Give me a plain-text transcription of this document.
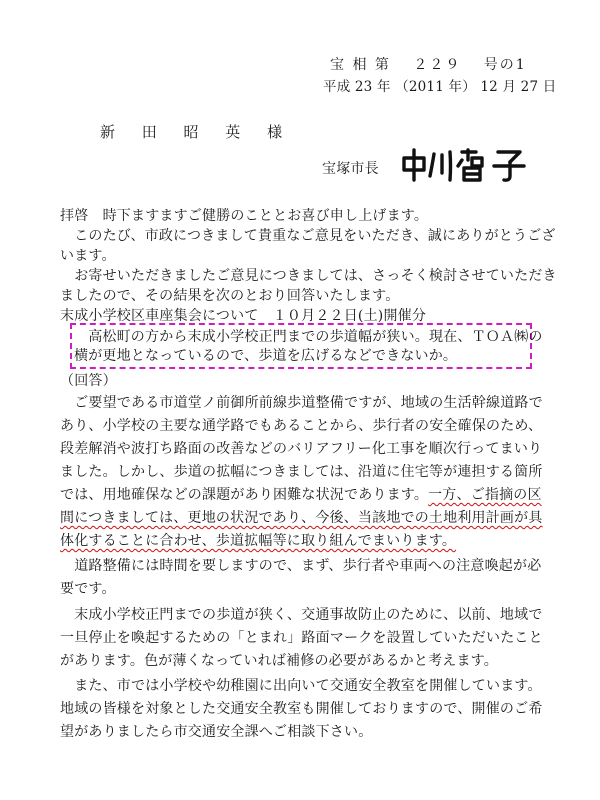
宝 相 第 　２２９　 号の1
平成 23 年 （2011 年） 12 月 27 日
新 田 昭 英 様
宝塚市長
拝啓　時下ますますご健勝のこととお喜び申し上げます。
　このたび、市政につきまして貴重なご意見をいただき、誠にありがとうござ
います。
　お寄せいただきましたご意見につきましては、さっそく検討させていただき
ましたので、その結果を次のとおり回答いたします。
末成小学校区車座集会について　１０月２２日(土)開催分
　高松町の方から末成小学校正門までの歩道幅が狭い。現在、ＴＯＡ㈱の
横が更地となっているので、歩道を広げるなどできないか。
（回答）
　ご要望である市道堂ノ前御所前線歩道整備ですが、地域の生活幹線道路で
あり、小学校の主要な通学路でもあることから、歩行者の安全確保のため、
段差解消や波打ち路面の改善などのバリアフリー化工事を順次行ってまいり
ました。しかし、歩道の拡幅につきましては、沿道に住宅等が連担する箇所
では、用地確保などの課題があり困難な状況であります。一方、ご指摘の区
間につきましては、更地の状況であり、今後、当該地での土地利用計画が具
体化することに合わせ、歩道拡幅等に取り組んでまいります。
　道路整備には時間を要しますので、まず、歩行者や車両への注意喚起が必
要です。
　末成小学校正門までの歩道が狭く、交通事故防止のために、以前、地域で
一旦停止を喚起するための「とまれ」路面マークを設置していただいたこと
があります。色が薄くなっていれば補修の必要があるかと考えます。
　また、市では小学校や幼稚園に出向いて交通安全教室を開催しています。
地域の皆様を対象とした交通安全教室も開催しておりますので、開催のご希
望がありましたら市交通安全課へご相談下さい。
